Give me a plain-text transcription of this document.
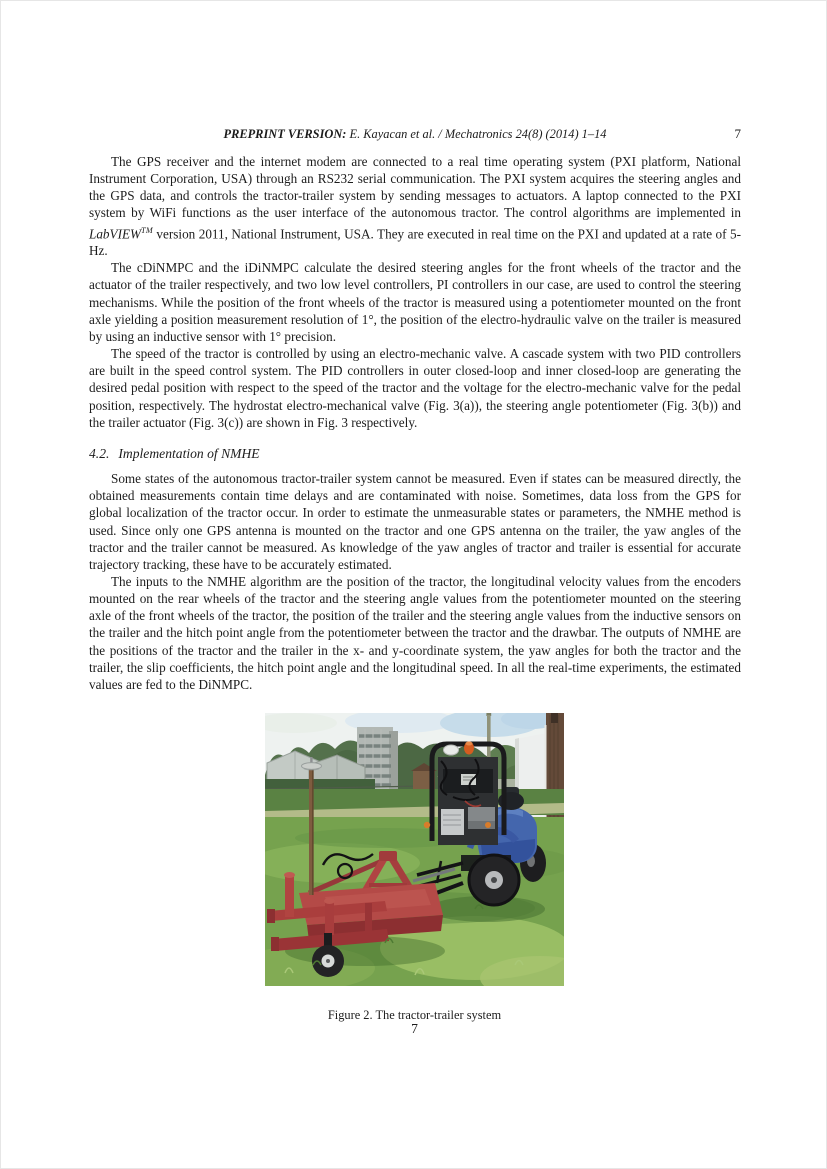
PREPRINT VERSION: E. Kayacan et al. / Mechatronics 24(8) (2014) 1–14	7

The GPS receiver and the internet modem are connected to a real time operating system (PXI platform, National Instrument Corporation, USA) through an RS232 serial communication. The PXI system acquires the steering angles and the GPS data, and controls the tractor-trailer system by sending messages to actuators. A laptop connected to the PXI system by WiFi functions as the user interface of the autonomous tractor. The control algorithms are implemented in LabVIEW™ version 2011, National Instrument, USA. They are executed in real time on the PXI and updated at a rate of 5-Hz.

The cDiNMPC and the iDiNMPC calculate the desired steering angles for the front wheels of the tractor and the actuator of the trailer respectively, and two low level controllers, PI controllers in our case, are used to control the steering mechanisms. While the position of the front wheels of the tractor is measured using a potentiometer mounted on the front axle yielding a position measurement resolution of 1°, the position of the electro-hydraulic valve on the trailer is measured by using an inductive sensor with 1° precision.

The speed of the tractor is controlled by using an electro-mechanic valve. A cascade system with two PID controllers are built in the speed control system. The PID controllers in outer closed-loop and inner closed-loop are generating the desired pedal position with respect to the speed of the tractor and the voltage for the electro-mechanic valve for the pedal position, respectively. The hydrostat electro-mechanical valve (Fig. 3(a)), the steering angle potentiometer (Fig. 3(b)) and the trailer actuator (Fig. 3(c)) are shown in Fig. 3 respectively.

4.2. Implementation of NMHE

Some states of the autonomous tractor-trailer system cannot be measured. Even if states can be measured directly, the obtained measurements contain time delays and are contaminated with noise. Sometimes, data loss from the GPS for global localization of the tractor occur. In order to estimate the unmeasurable states or parameters, the NMHE method is used. Since only one GPS antenna is mounted on the tractor and one GPS antenna on the trailer, the yaw angles of the tractor and the trailer cannot be measured. As knowledge of the yaw angles of tractor and trailer is essential for accurate trajectory tracking, these have to be accurately estimated.

The inputs to the NMHE algorithm are the position of the tractor, the longitudinal velocity values from the encoders mounted on the rear wheels of the tractor and the steering angle values from the potentiometer mounted on the steering axle of the front wheels of the tractor, the position of the trailer and the steering angle values from the inductive sensors on the trailer and the hitch point angle from the potentiometer between the tractor and the drawbar. The outputs of NMHE are the positions of the tractor and the trailer in the x- and y-coordinate system, the yaw angles for both the tractor and the trailer, the slip coefficients, the hitch point angle and the longitudinal speed. In all the real-time experiments, the estimated values are fed to the DiNMPC.

Figure 2. The tractor-trailer system
7
